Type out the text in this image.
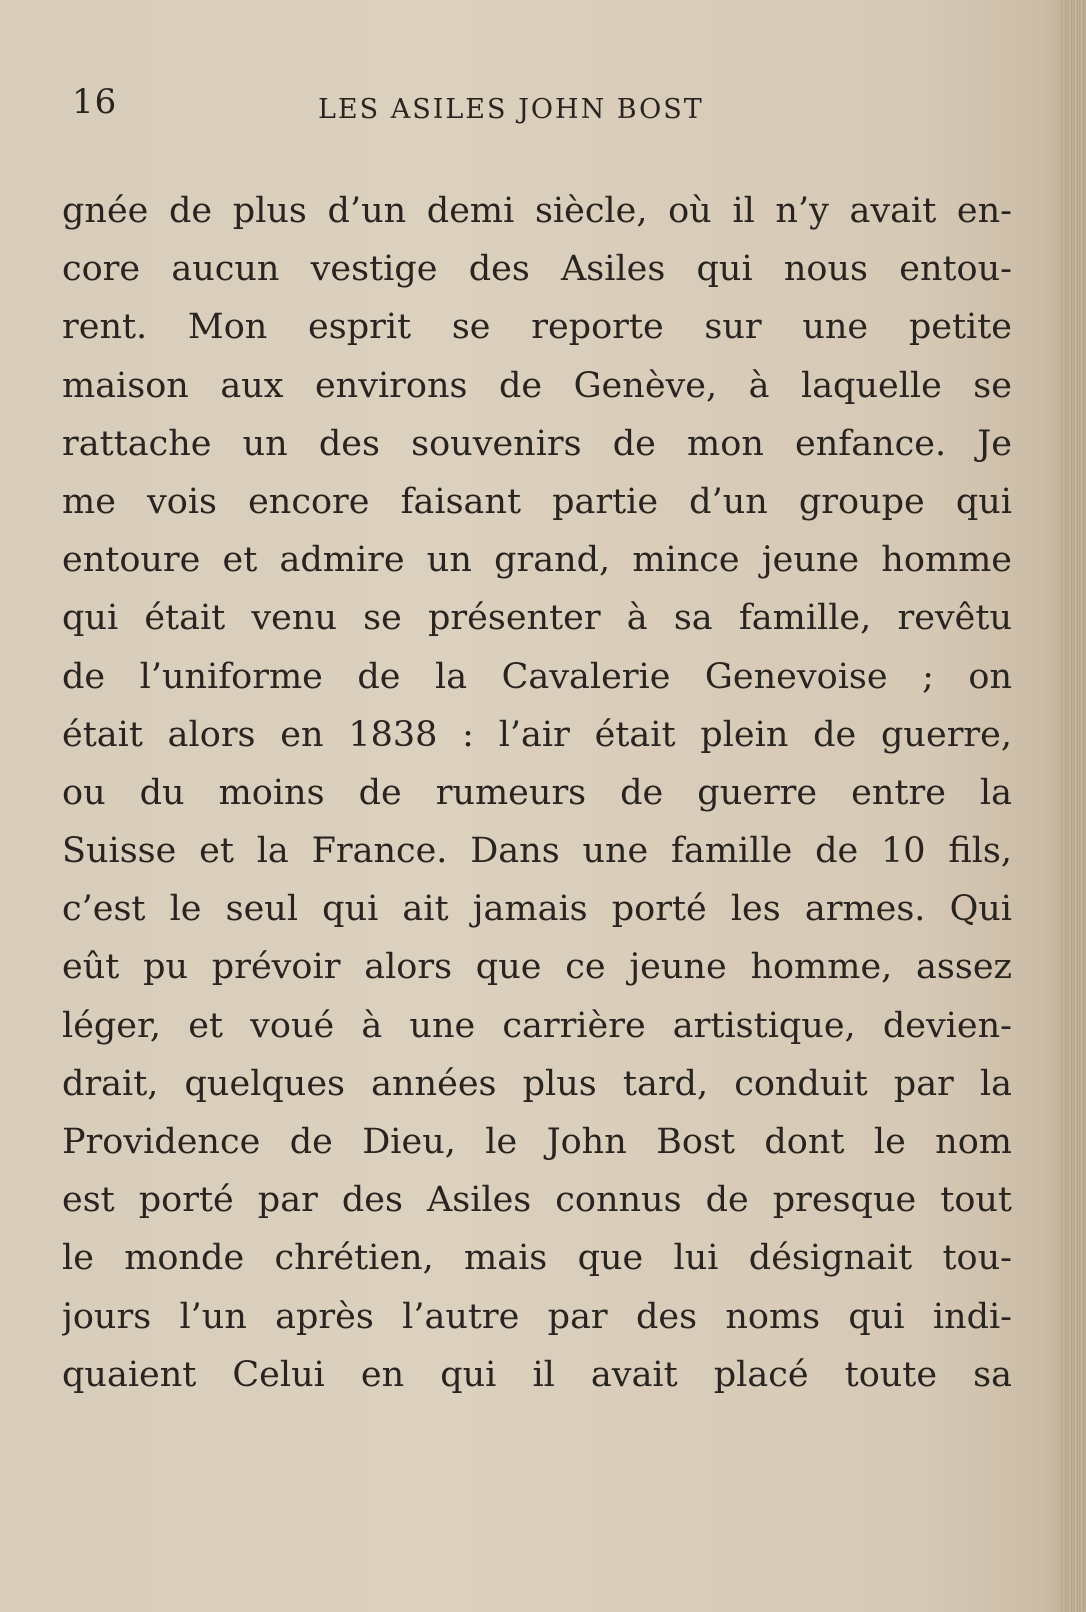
16	LES ASILES JOHN BOST
gnée de plus d’un demi siècle, où il n’y avait en-
core aucun vestige des Asiles qui nous entou-
rent. Mon esprit se reporte sur une petite
maison aux environs de Genève, à laquelle se
rattache un des souvenirs de mon enfance. Je
me vois encore faisant partie d’un groupe qui
entoure et admire un grand, mince jeune homme
qui était venu se présenter à sa famille, revêtu
de l’uniforme de la Cavalerie Genevoise ; on
était alors en 1838 : l’air était plein de guerre,
ou du moins de rumeurs de guerre entre la
Suisse et la France. Dans une famille de 10 fils,
c’est le seul qui ait jamais porté les armes. Qui
eût pu prévoir alors que ce jeune homme, assez
léger, et voué à une carrière artistique, devien-
drait, quelques années plus tard, conduit par la
Providence de Dieu, le John Bost dont le nom
est porté par des Asiles connus de presque tout
le monde chrétien, mais que lui désignait tou-
jours l’un après l’autre par des noms qui indi-
quaient Celui en qui il avait placé toute sa
